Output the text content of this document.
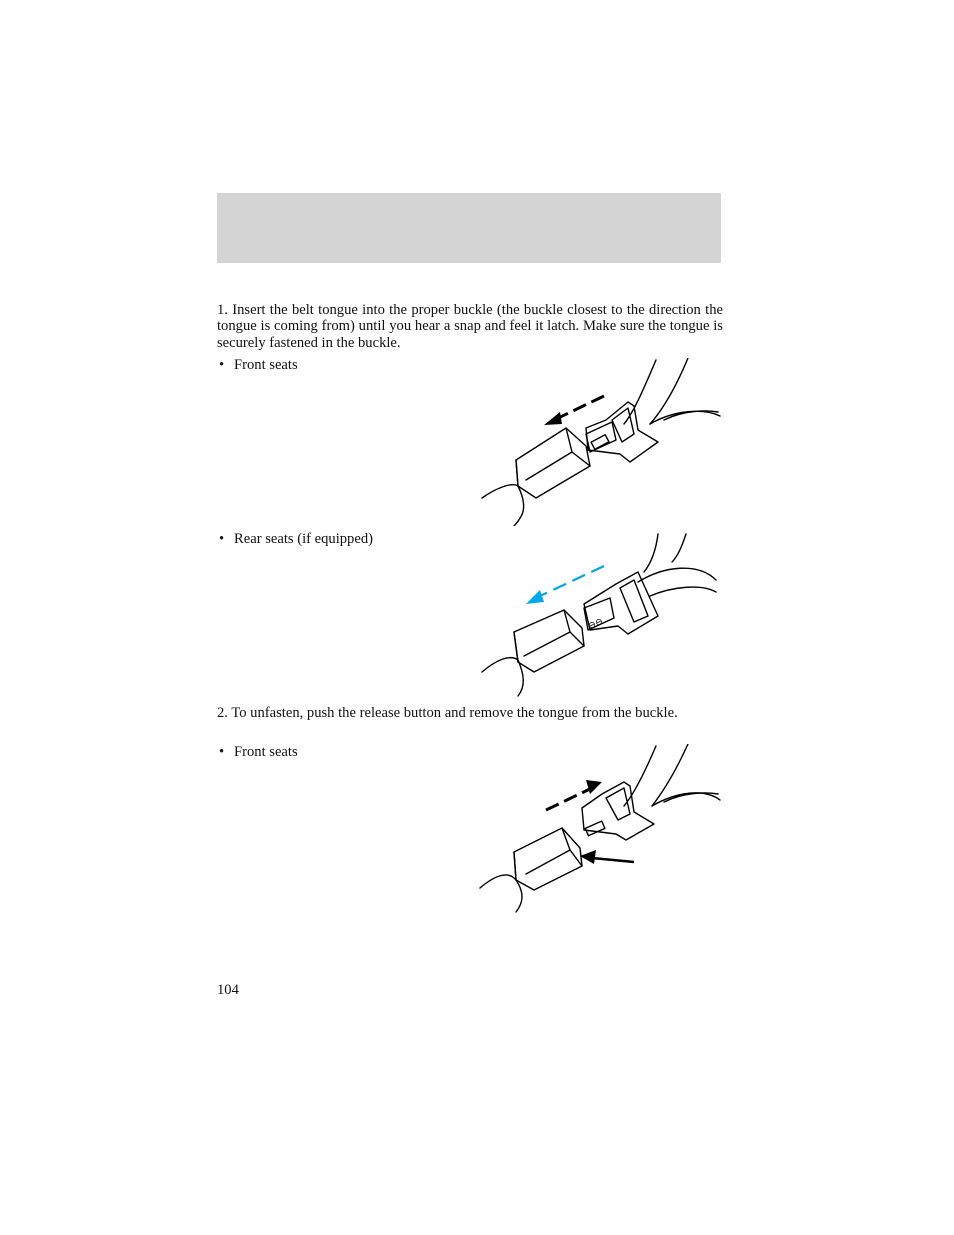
1. Insert the belt tongue into the proper buckle (the buckle closest to the direction the tongue is coming from) until you hear a snap and feel it latch. Make sure the tongue is securely fastened in the buckle.
• Front seats
• Rear seats (if equipped)
⊖⊖
2. To unfasten, push the release button and remove the tongue from the buckle.
• Front seats
104
